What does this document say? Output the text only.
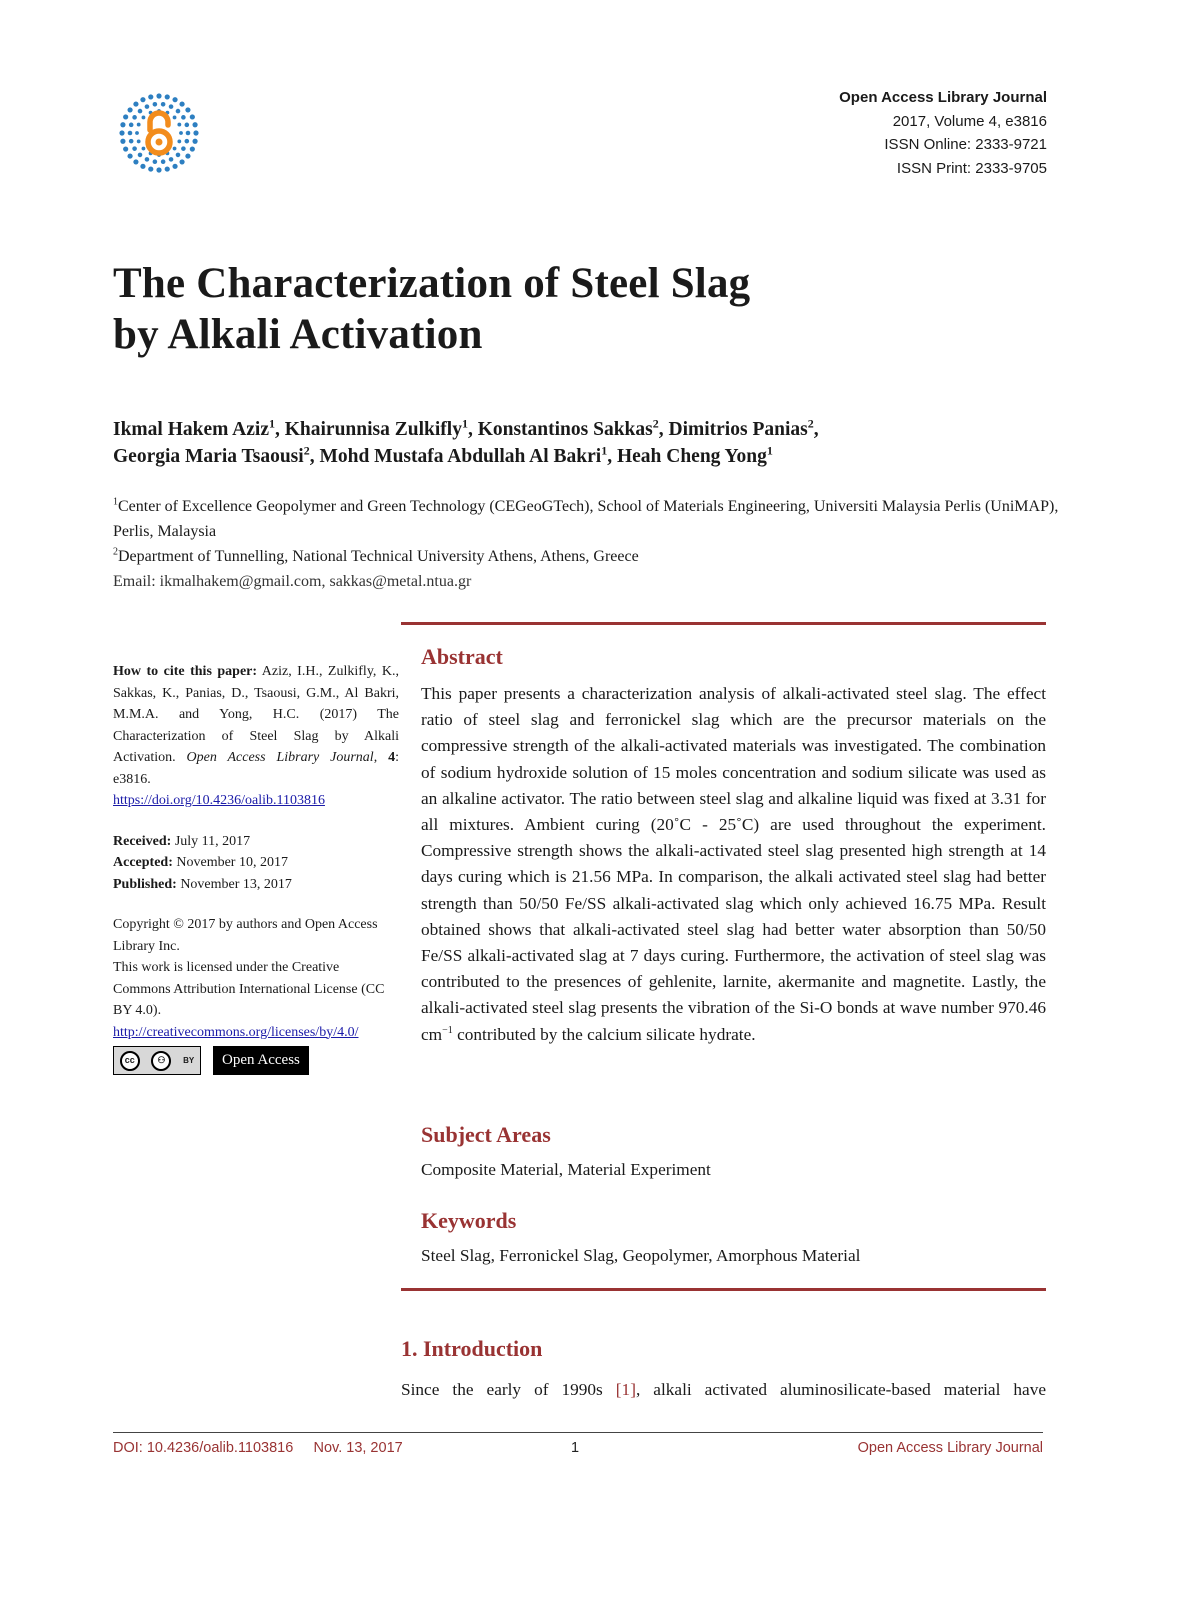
Open Access Library Journal
2017, Volume 4, e3816
ISSN Online: 2333-9721
ISSN Print: 2333-9705
The Characterization of Steel Slag
by Alkali Activation
Ikmal Hakem Aziz$^1$, Khairunnisa Zulkifly$^1$, Konstantinos Sakkas$^2$, Dimitrios Panias$^2$,
Georgia Maria Tsaousi$^2$, Mohd Mustafa Abdullah Al Bakri$^1$, Heah Cheng Yong$^1$
$^1$Center of Excellence Geopolymer and Green Technology (CEGeoGTech), School of Materials Engineering, Universiti Malaysia Perlis (UniMAP), Perlis, Malaysia
$^2$Department of Tunnelling, National Technical University Athens, Athens, Greece
Email: ikmalhakem@gmail.com, sakkas@metal.ntua.gr
How to cite this paper: Aziz, I.H., Zulkifly, K., Sakkas, K., Panias, D., Tsaousi, G.M., Al Bakri, M.M.A. and Yong, H.C. (2017) The Characterization of Steel Slag by Alkali Activation. Open Access Library Journal, 4: e3816.
https://doi.org/10.4236/oalib.1103816
Received: July 11, 2017
Accepted: November 10, 2017
Published: November 13, 2017
Copyright © 2017 by authors and Open Access Library Inc.
This work is licensed under the Creative Commons Attribution International License (CC BY 4.0).
http://creativecommons.org/licenses/by/4.0/
cc	⚇	BY	Open Access
Abstract
This paper presents a characterization analysis of alkali-activated steel slag. The effect ratio of steel slag and ferronickel slag which are the precursor materials on the compressive strength of the alkali-activated materials was investigated. The combination of sodium hydroxide solution of 15 moles concentration and sodium silicate was used as an alkaline activator. The ratio between steel slag and alkaline liquid was fixed at 3.31 for all mixtures. Ambient curing (20˚C - 25˚C) are used throughout the experiment. Compressive strength shows the alkali-activated steel slag presented high strength at 14 days curing which is 21.56 MPa. In comparison, the alkali activated steel slag had better strength than 50/50 Fe/SS alkali-activated slag which only achieved 16.75 MPa. Result obtained shows that alkali-activated steel slag had better water absorption than 50/50 Fe/SS alkali-activated slag at 7 days curing. Furthermore, the activation of steel slag was contributed to the presences of gehlenite, larnite, akermanite and magnetite. Lastly, the alkali-activated steel slag presents the vibration of the Si-O bonds at wave number 970.46 $cm^{-1}$ contributed by the calcium silicate hydrate.
Subject Areas
Composite Material, Material Experiment
Keywords
Steel Slag, Ferronickel Slag, Geopolymer, Amorphous Material
1. Introduction
Since the early of 1990s [1], alkali activated aluminosilicate-based material have
DOI: 10.4236/oalib.1103816 Nov. 13, 2017	1	Open Access Library Journal
